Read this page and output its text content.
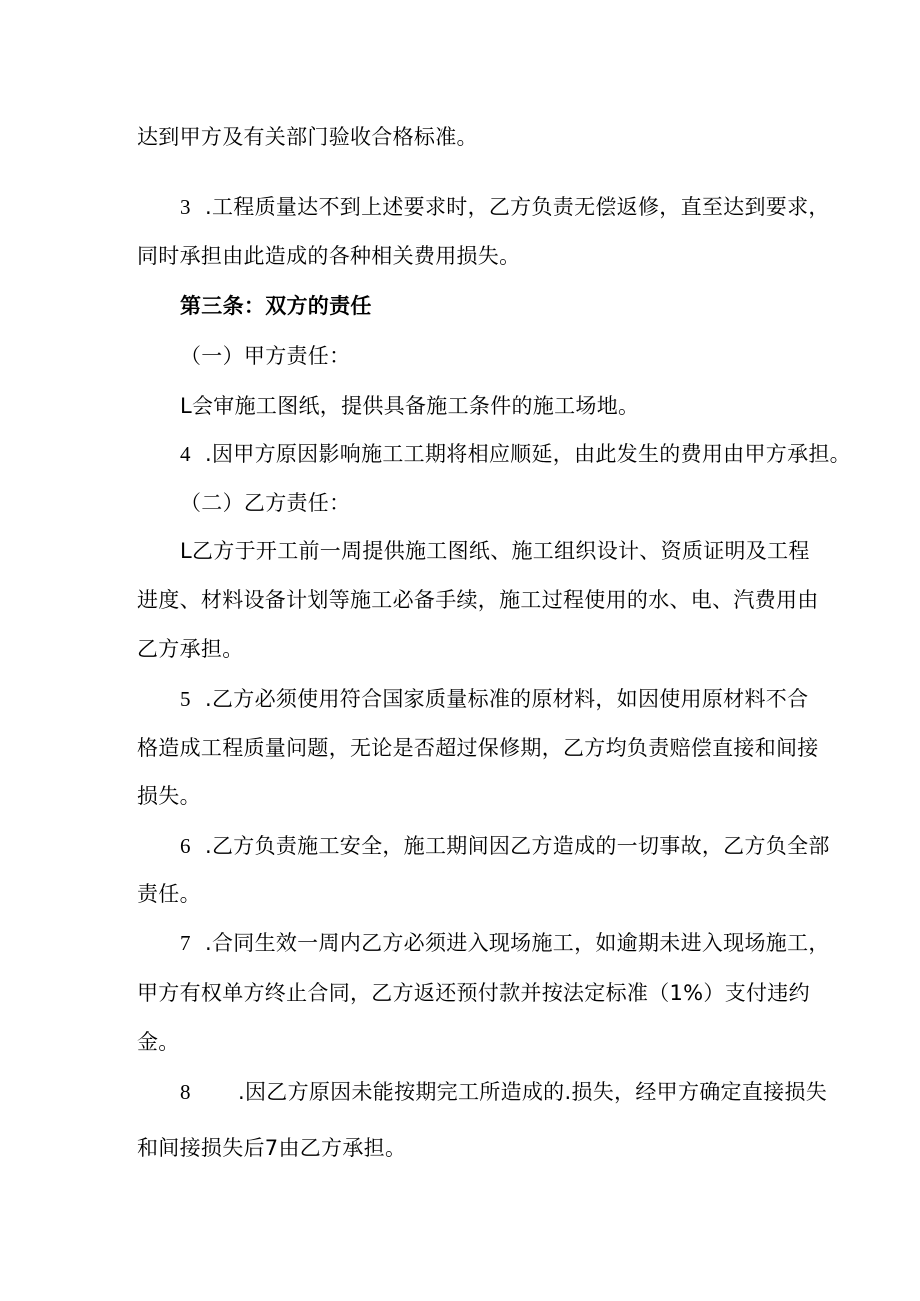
达到甲方及有关部门验收合格标准。
3 .工程质量达不到上述要求时，乙方负责无偿返修，直至达到要求，
同时承担由此造成的各种相关费用损失。
第三条：双方的责任
（一）甲方责任：
L会审施工图纸，提供具备施工条件的施工场地。
4 .因甲方原因影响施工工期将相应顺延，由此发生的费用由甲方承担。
（二）乙方责任：
L乙方于开工前一周提供施工图纸、施工组织设计、资质证明及工程
进度、材料设备计划等施工必备手续，施工过程使用的水、电、汽费用由
乙方承担。
5 .乙方必须使用符合国家质量标准的原材料，如因使用原材料不合
格造成工程质量问题，无论是否超过保修期，乙方均负责赔偿直接和间接
损失。
6 .乙方负责施工安全，施工期间因乙方造成的一切事故，乙方负全部
责任。
7 .合同生效一周内乙方必须进入现场施工，如逾期未进入现场施工，
甲方有权单方终止合同，乙方返还预付款并按法定标准（1%）支付违约
金。
8 .因乙方原因未能按期完工所造成的.损失，经甲方确定直接损失
和间接损失后7由乙方承担。
